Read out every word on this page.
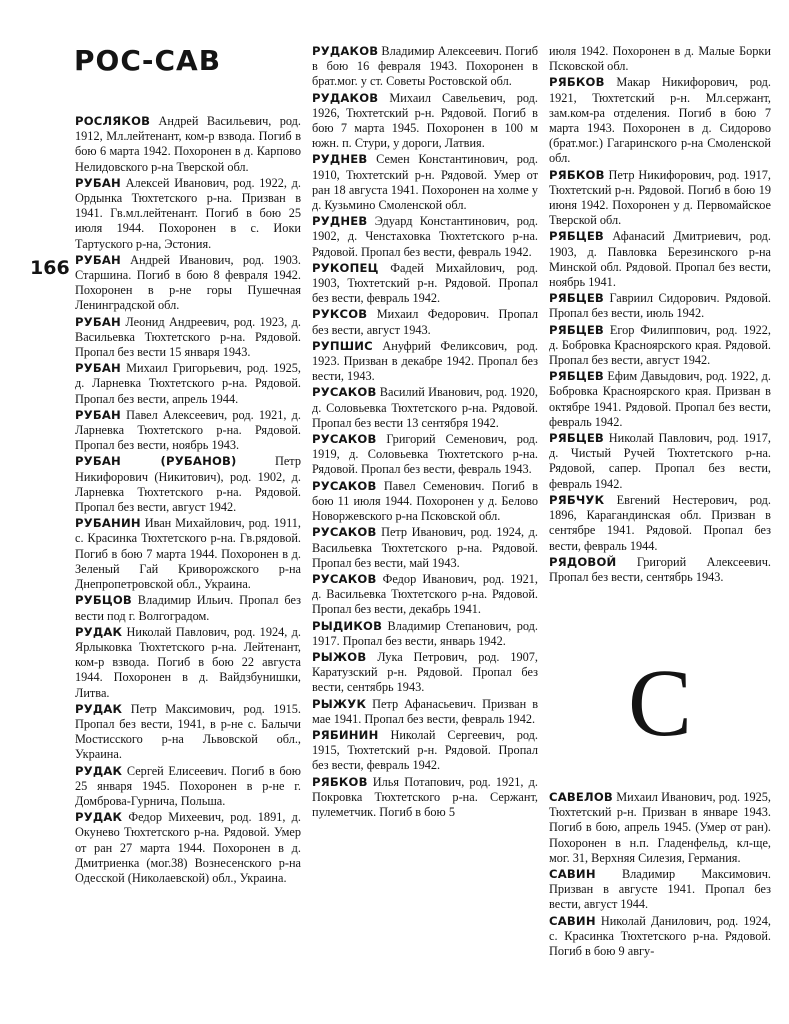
РОС-САВ
166
РОСЛЯКОВ Андрей Васильевич, род. 1912, Мл.лейтенант, ком-р взвода. Погиб в бою 6 марта 1942. Похоронен в д. Карпово Нелидовского р-на Тверской обл.
РУБАН Алексей Иванович, род. 1922, д. Ордынка Тюхтетского р-на. Призван в 1941. Гв.мл.лейтенант. Погиб в бою 25 июля 1944. Похоронен в с. Иоки Тартуского р-на, Эстония.
РУБАН Андрей Иванович, род. 1903. Старшина. Погиб в бою 8 февраля 1942. Похоронен в р-не горы Пушечная Ленинградской обл.
РУБАН Леонид Андреевич, род. 1923, д. Васильевка Тюхтетского р-на. Рядовой. Пропал без вести 15 января 1943.
РУБАН Михаил Григорьевич, род. 1925, д. Ларневка Тюхтетского р-на. Рядовой. Пропал без вести, апрель 1944.
РУБАН Павел Алексеевич, род. 1921, д. Ларневка Тюхтетского р-на. Рядовой. Пропал без вести, ноябрь 1943.
РУБАН (РУБАНОВ) Петр Никифорович (Никитович), род. 1902, д. Ларневка Тюхтетского р-на. Рядовой. Пропал без вести, август 1942.
РУБАНИН Иван Михайлович, род. 1911, с. Красинка Тюхтетского р-на. Гв.рядовой. Погиб в бою 7 марта 1944. Похоронен в д. Зеленый Гай Криворожского р-на Днепропетровской обл., Украина.
РУБЦОВ Владимир Ильич. Пропал без вести под г. Волгоградом.
РУДАК Николай Павлович, род. 1924, д. Ярлыковка Тюхтетского р-на. Лейтенант, ком-р взвода. Погиб в бою 22 августа 1944. Похоронен в д. Вайдзбунишки, Литва.
РУДАК Петр Максимович, род. 1915. Пропал без вести, 1941, в р-не с. Балычи Мостисского р-на Львовской обл., Украина.
РУДАК Сергей Елисеевич. Погиб в бою 25 января 1945. Похоронен в р-не г. Домброва-Гурнича, Польша.
РУДАК Федор Михеевич, род. 1891, д. Окунево Тюхтетского р-на. Рядовой. Умер от ран 27 марта 1944. Похоронен в д. Дмитриенка (мог.38) Вознесенского р-на Одесской (Николаевской) обл., Украина.
РУДАКОВ Владимир Алексеевич. Погиб в бою 16 февраля 1943. Похоронен в брат.мог. у ст. Советы Ростовской обл.
РУДАКОВ Михаил Савельевич, род. 1926, Тюхтетский р-н. Рядовой. Погиб в бою 7 марта 1945. Похоронен в 100 м южн. п. Стури, у дороги, Латвия.
РУДНЕВ Семен Константинович, род. 1910, Тюхтетский р-н. Рядовой. Умер от ран 18 августа 1941. Похоронен на холме у д. Кузьмино Смоленской обл.
РУДНЕВ Эдуард Константинович, род. 1902, д. Ченстаховка Тюхтетского р-на. Рядовой. Пропал без вести, февраль 1942.
РУКОПЕЦ Фадей Михайлович, род. 1903, Тюхтетский р-н. Рядовой. Пропал без вести, февраль 1942.
РУКСОВ Михаил Федорович. Пропал без вести, август 1943.
РУПШИС Ануфрий Феликсович, род. 1923. Призван в декабре 1942. Пропал без вести, 1943.
РУСАКОВ Василий Иванович, род. 1920, д. Соловьевка Тюхтетского р-на. Рядовой. Пропал без вести 13 сентября 1942.
РУСАКОВ Григорий Семенович, род. 1919, д. Соловьевка Тюхтетского р-на. Рядовой. Пропал без вести, февраль 1943.
РУСАКОВ Павел Семенович. Погиб в бою 11 июля 1944. Похоронен у д. Белово Новоржевского р-на Псковской обл.
РУСАКОВ Петр Иванович, род. 1924, д. Васильевка Тюхтетского р-на. Рядовой. Пропал без вести, май 1943.
РУСАКОВ Федор Иванович, род. 1921, д. Васильевка Тюхтетского р-на. Рядовой. Пропал без вести, декабрь 1941.
РЫДИКОВ Владимир Степанович, род. 1917. Пропал без вести, январь 1942.
РЫЖОВ Лука Петрович, род. 1907, Каратузский р-н. Рядовой. Пропал без вести, сентябрь 1943.
РЫЖУК Петр Афанасьевич. Призван в мае 1941. Пропал без вести, февраль 1942.
РЯБИНИН Николай Сергеевич, род. 1915, Тюхтетский р-н. Рядовой. Пропал без вести, февраль 1942.
РЯБКОВ Илья Потапович, род. 1921, д. Покровка Тюхтетского р-на. Сержант, пулеметчик. Погиб в бою 5
июля 1942. Похоронен в д. Малые Борки Псковской обл.
РЯБКОВ Макар Никифорович, род. 1921, Тюхтетский р-н. Мл.сержант, зам.ком-ра отделения. Погиб в бою 7 марта 1943. Похоронен в д. Сидорово (брат.мог.) Гагаринского р-на Смоленской обл.
РЯБКОВ Петр Никифорович, род. 1917, Тюхтетский р-н. Рядовой. Погиб в бою 19 июня 1942. Похоронен у д. Первомайское Тверской обл.
РЯБЦЕВ Афанасий Дмитриевич, род. 1903, д. Павловка Березинского р-на Минской обл. Рядовой. Пропал без вести, ноябрь 1941.
РЯБЦЕВ Гавриил Сидорович. Рядовой. Пропал без вести, июль 1942.
РЯБЦЕВ Егор Филиппович, род. 1922, д. Бобровка Красноярского края. Рядовой. Пропал без вести, август 1942.
РЯБЦЕВ Ефим Давыдович, род. 1922, д. Бобровка Красноярского края. Призван в октябре 1941. Рядовой. Пропал без вести, февраль 1942.
РЯБЦЕВ Николай Павлович, род. 1917, д. Чистый Ручей Тюхтетского р-на. Рядовой, сапер. Пропал без вести, февраль 1942.
РЯБЧУК Евгений Нестерович, род. 1896, Карагандинская обл. Призван в сентябре 1941. Рядовой. Пропал без вести, февраль 1944.
РЯДОВОЙ Григорий Алексеевич. Пропал без вести, сентябрь 1943.
С
САВЕЛОВ Михаил Иванович, род. 1925, Тюхтетский р-н. Призван в январе 1943. Погиб в бою, апрель 1945. (Умер от ран). Похоронен в н.п. Гладенфельд, кл-ще, мог. 31, Верхняя Силезия, Германия.
САВИН Владимир Максимович. Призван в августе 1941. Пропал без вести, август 1944.
САВИН Николай Данилович, род. 1924, с. Красинка Тюхтетского р-на. Рядовой. Погиб в бою 9 авгу-
